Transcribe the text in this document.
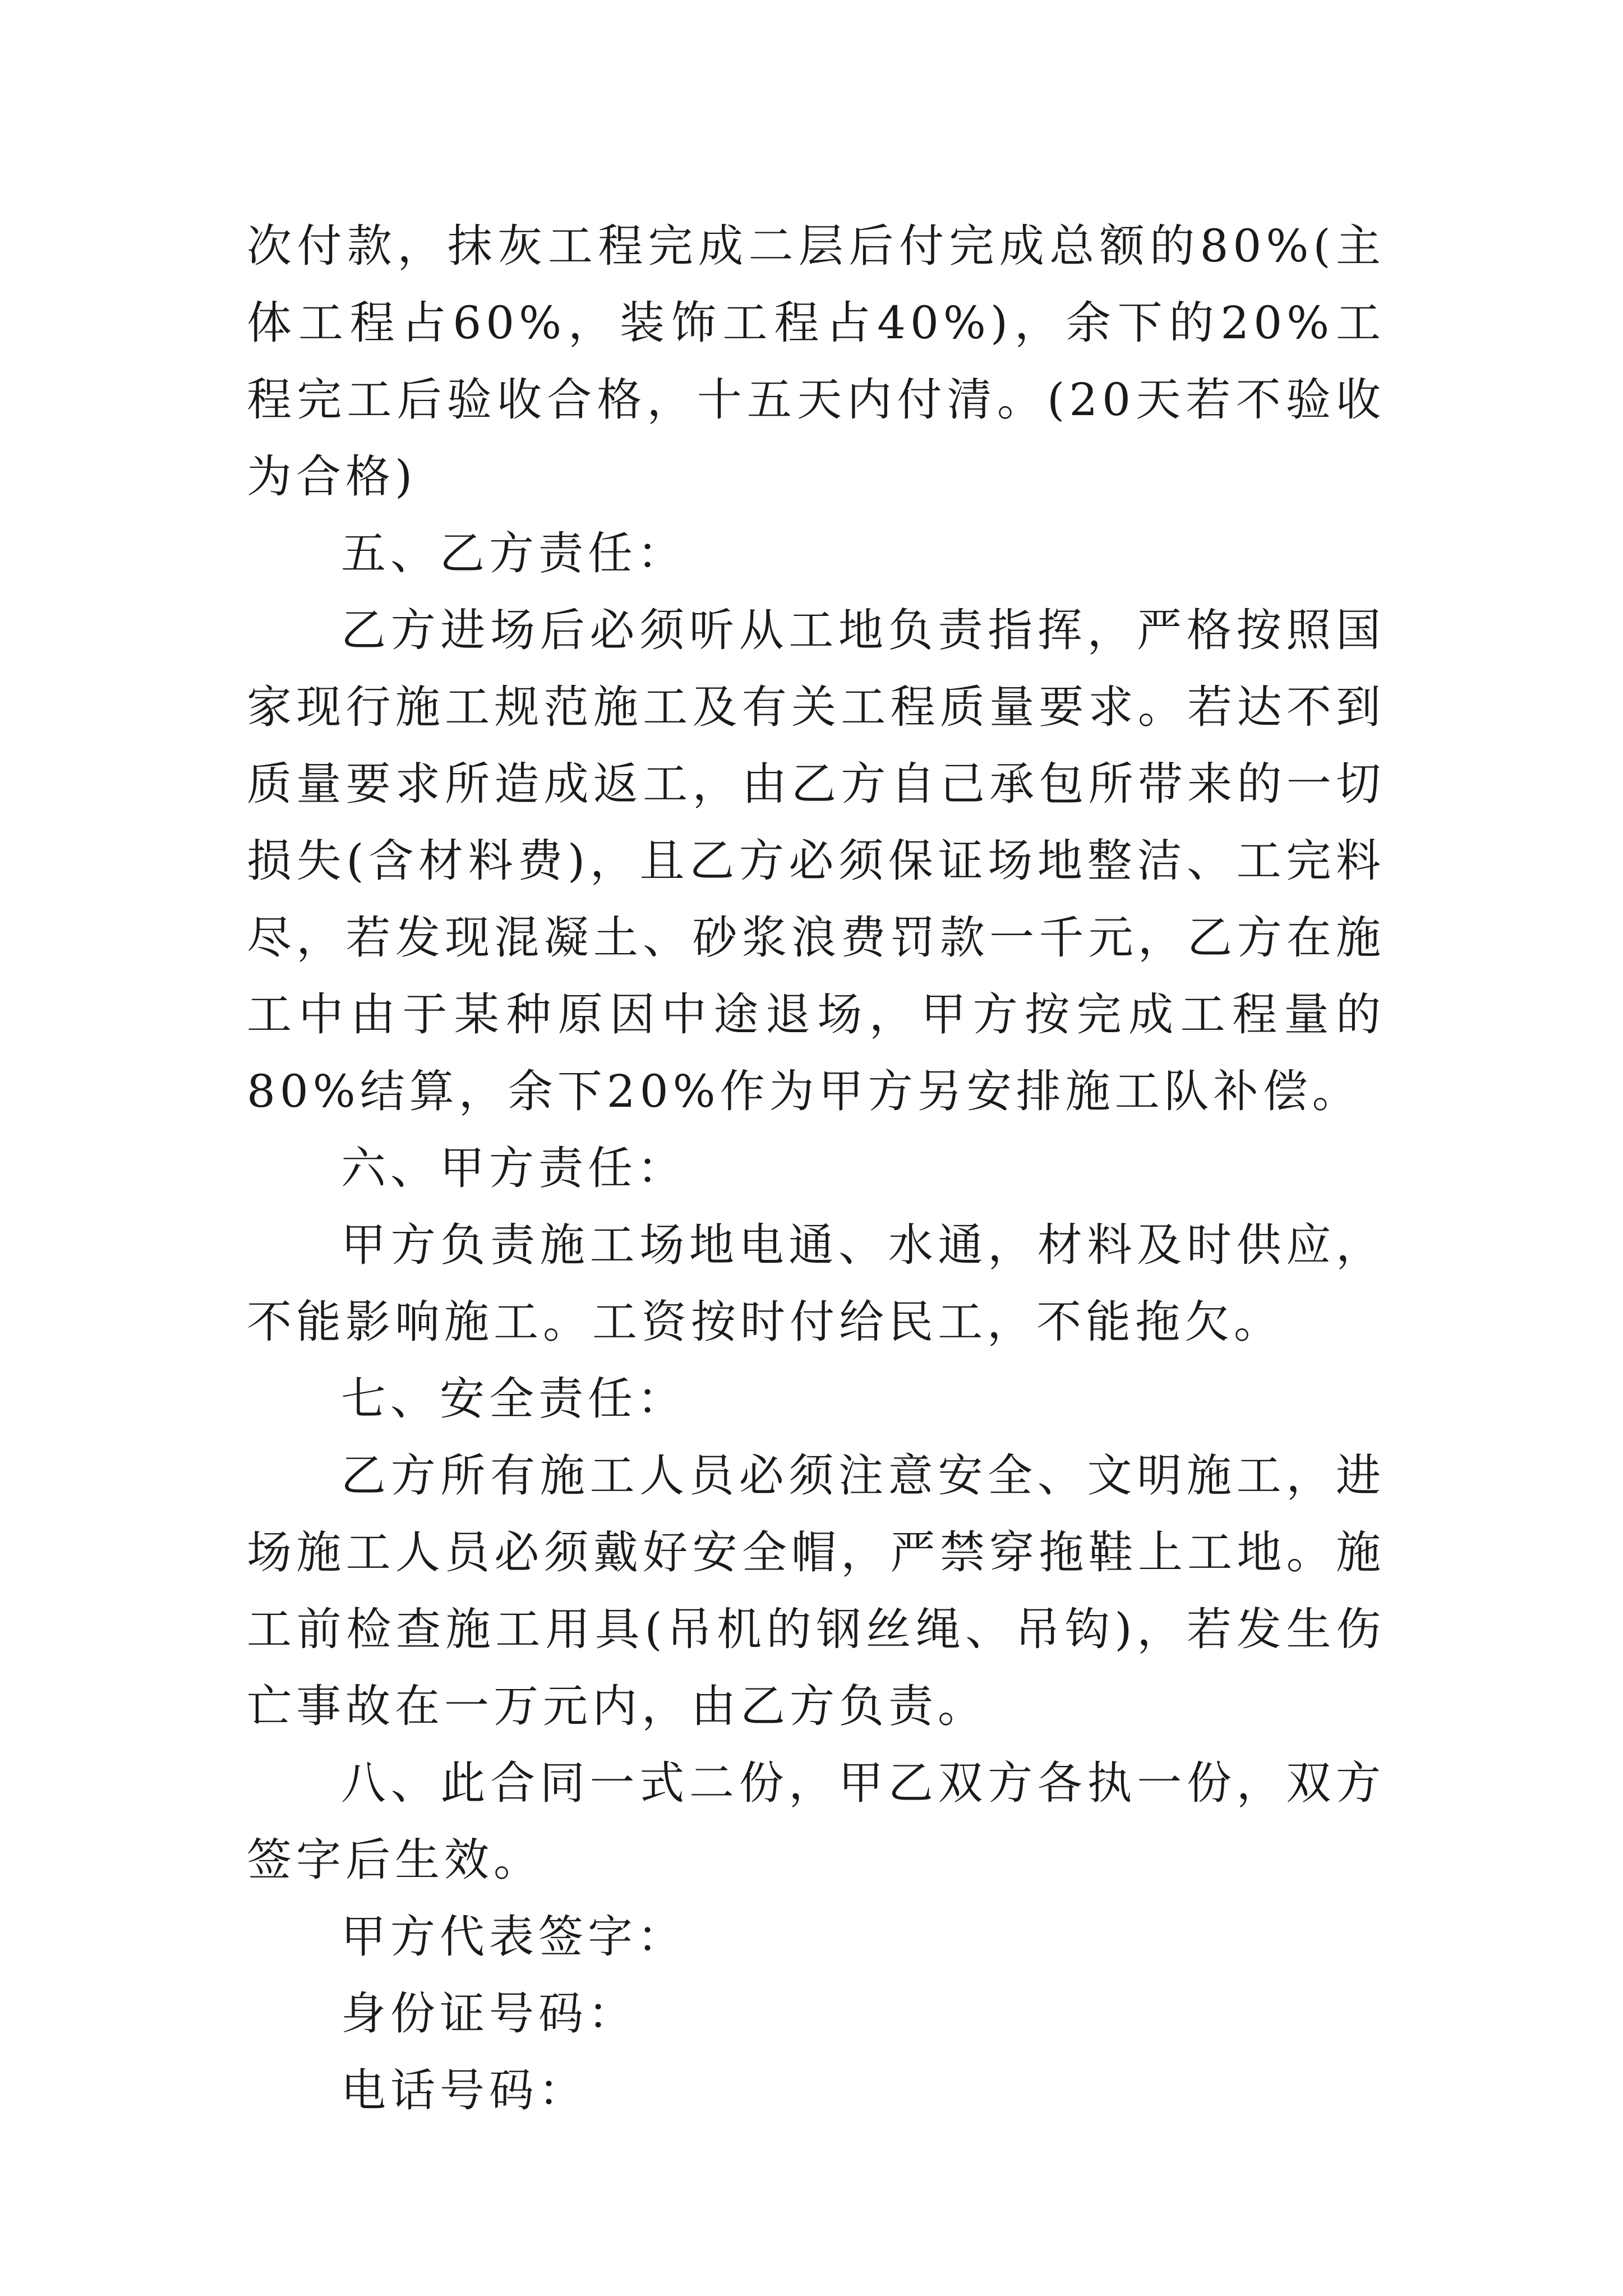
次付款，抹灰工程完成二层后付完成总额的80%(主体工程占60%，装饰工程占40%)，余下的20%工程完工后验收合格，十五天内付清。(20天若不验收为合格)

五、乙方责任：

乙方进场后必须听从工地负责指挥，严格按照国家现行施工规范施工及有关工程质量要求。若达不到质量要求所造成返工，由乙方自己承包所带来的一切损失(含材料费)，且乙方必须保证场地整洁、工完料尽，若发现混凝土、砂浆浪费罚款一千元，乙方在施工中由于某种原因中途退场，甲方按完成工程量的80%结算，余下20%作为甲方另安排施工队补偿。

六、甲方责任：

甲方负责施工场地电通、水通，材料及时供应，不能影响施工。工资按时付给民工，不能拖欠。

七、安全责任：

乙方所有施工人员必须注意安全、文明施工，进场施工人员必须戴好安全帽，严禁穿拖鞋上工地。施工前检查施工用具(吊机的钢丝绳、吊钩)，若发生伤亡事故在一万元内，由乙方负责。

八、此合同一式二份，甲乙双方各执一份，双方签字后生效。

甲方代表签字：

身份证号码：

电话号码：
